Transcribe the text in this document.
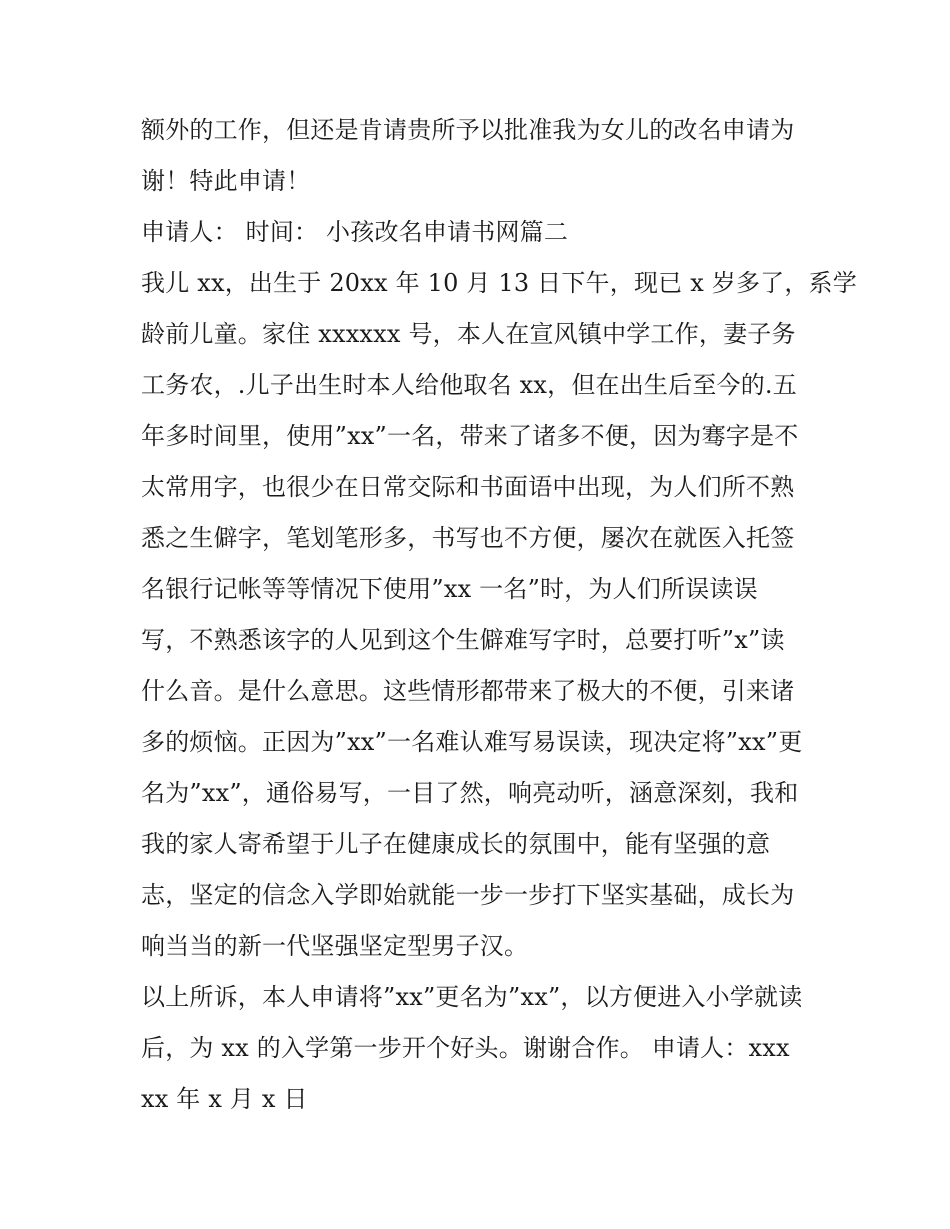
额外的工作，但还是肯请贵所予以批准我为女儿的改名申请为
谢！特此申请！
申请人： 时间： 小孩改名申请书网篇二
我儿 xx，出生于 20xx 年 10 月 13 日下午，现已 x 岁多了，系学
龄前儿童。家住 xxxxxx 号，本人在宣风镇中学工作，妻子务
工务农，.儿子出生时本人给他取名 xx，但在出生后至今的.五
年多时间里，使用”xx”一名，带来了诸多不便，因为骞字是不
太常用字，也很少在日常交际和书面语中出现，为人们所不熟
悉之生僻字，笔划笔形多，书写也不方便，屡次在就医入托签
名银行记帐等等情况下使用”xx 一名”时，为人们所误读误
写，不熟悉该字的人见到这个生僻难写字时，总要打听”x”读
什么音。是什么意思。这些情形都带来了极大的不便，引来诸
多的烦恼。正因为”xx”一名难认难写易误读，现决定将”xx”更
名为”xx”，通俗易写，一目了然，响亮动听，涵意深刻，我和
我的家人寄希望于儿子在健康成长的氛围中，能有坚强的意
志，坚定的信念入学即始就能一步一步打下坚实基础，成长为
响当当的新一代坚强坚定型男子汉。
以上所诉，本人申请将”xx”更名为”xx”，以方便进入小学就读
后，为 xx 的入学第一步开个好头。谢谢合作。 申请人：xxx
xx 年 x 月 x 日
